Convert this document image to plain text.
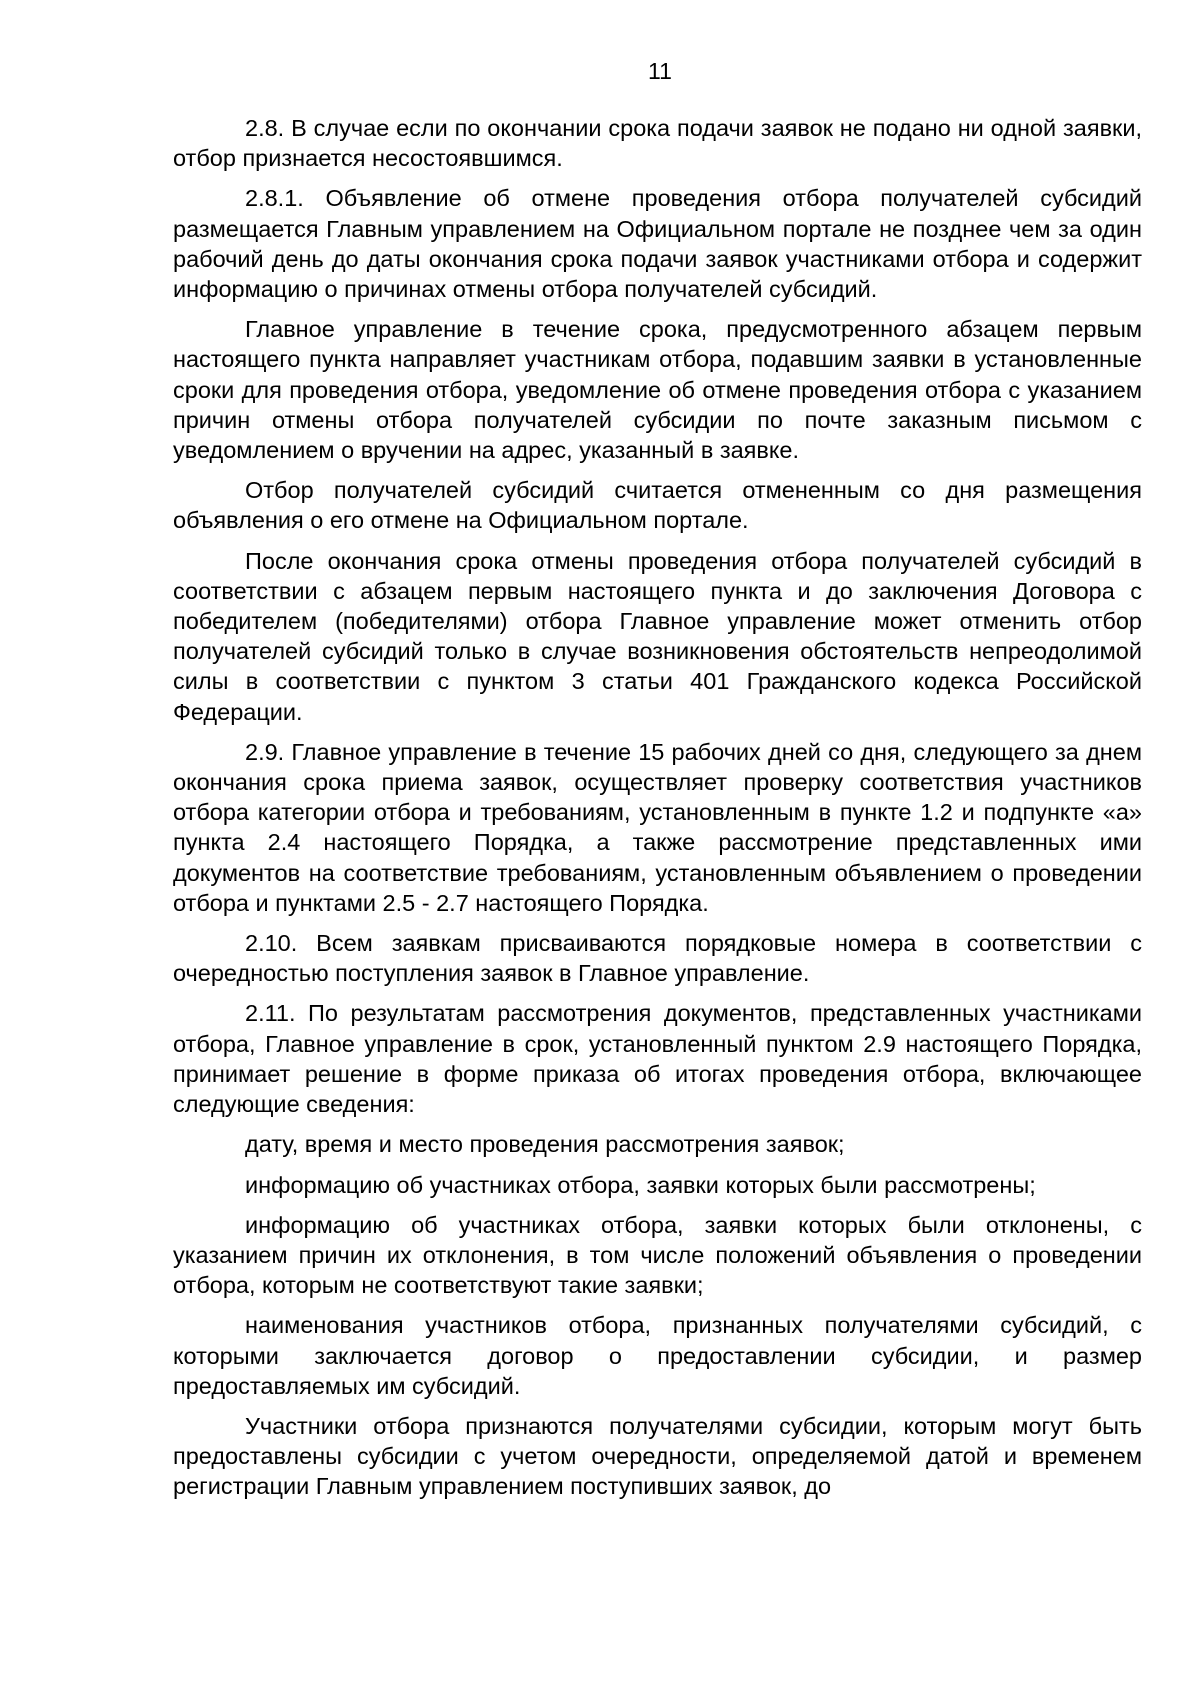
11

2.8. В случае если по окончании срока подачи заявок не подано ни одной заявки, отбор признается несостоявшимся.

2.8.1. Объявление об отмене проведения отбора получателей субсидий размещается Главным управлением на Официальном портале не позднее чем за один рабочий день до даты окончания срока подачи заявок участниками отбора и содержит информацию о причинах отмены отбора получателей субсидий.

Главное управление в течение срока, предусмотренного абзацем первым настоящего пункта направляет участникам отбора, подавшим заявки в установленные сроки для проведения отбора, уведомление об отмене проведения отбора с указанием причин отмены отбора получателей субсидии по почте заказным письмом с уведомлением о вручении на адрес, указанный в заявке.

Отбор получателей субсидий считается отмененным со дня размещения объявления о его отмене на Официальном портале.

После окончания срока отмены проведения отбора получателей субсидий в соответствии с абзацем первым настоящего пункта и до заключения Договора с победителем (победителями) отбора Главное управление может отменить отбор получателей субсидий только в случае возникновения обстоятельств непреодолимой силы в соответствии с пунктом 3 статьи 401 Гражданского кодекса Российской Федерации.

2.9. Главное управление в течение 15 рабочих дней со дня, следующего за днем окончания срока приема заявок, осуществляет проверку соответствия участников отбора категории отбора и требованиям, установленным в пункте 1.2 и подпункте «а» пункта 2.4 настоящего Порядка, а также рассмотрение представленных ими документов на соответствие требованиям, установленным объявлением о проведении отбора и пунктами 2.5 - 2.7 настоящего Порядка.

2.10. Всем заявкам присваиваются порядковые номера в соответствии с очередностью поступления заявок в Главное управление.

2.11. По результатам рассмотрения документов, представленных участниками отбора, Главное управление в срок, установленный пунктом 2.9 настоящего Порядка, принимает решение в форме приказа об итогах проведения отбора, включающее следующие сведения:

дату, время и место проведения рассмотрения заявок;

информацию об участниках отбора, заявки которых были рассмотрены;

информацию об участниках отбора, заявки которых были отклонены, с указанием причин их отклонения, в том числе положений объявления о проведении отбора, которым не соответствуют такие заявки;

наименования участников отбора, признанных получателями субсидий, с которыми заключается договор о предоставлении субсидии, и размер предоставляемых им субсидий.

Участники отбора признаются получателями субсидии, которым могут быть предоставлены субсидии с учетом очередности, определяемой датой и временем регистрации Главным управлением поступивших заявок, до
